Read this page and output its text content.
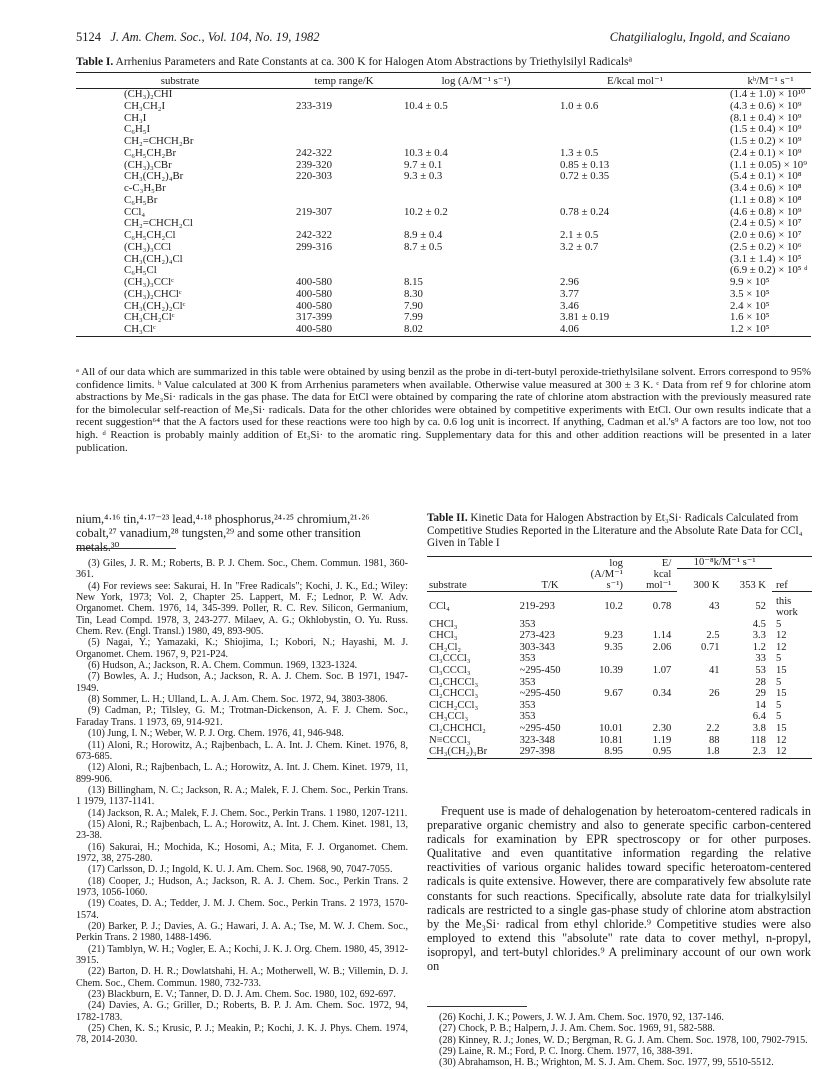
5124 J. Am. Chem. Soc., Vol. 104, No. 19, 1982	Chatgilialoglu, Ingold, and Scaiano
Table I. Arrhenius Parameters and Rate Constants at ca. 300 K for Halogen Atom Abstractions by Triethylsilyl Radicals$^a$
substrate	temp range/K	log (A/M⁻¹ s⁻¹)	E/kcal mol⁻¹	kᵇ/M⁻¹ s⁻¹
(CH₃)₂CHI				(1.4 ± 1.0) × 10¹⁰
CH₃CH₂I	233-319	10.4 ± 0.5	1.0 ± 0.6	(4.3 ± 0.6) × 10⁹
CH₃I				(8.1 ± 0.4) × 10⁹
C₆H₅I				(1.5 ± 0.4) × 10⁹
CH₂=CHCH₂Br				(1.5 ± 0.2) × 10⁹
C₆H₅CH₂Br	242-322	10.3 ± 0.4	1.3 ± 0.5	(2.4 ± 0.1) × 10⁹
(CH₃)₃CBr	239-320	9.7 ± 0.1	0.85 ± 0.13	(1.1 ± 0.05) × 10⁹
CH₃(CH₂)₄Br	220-303	9.3 ± 0.3	0.72 ± 0.35	(5.4 ± 0.1) × 10⁸
c-C₃H₅Br				(3.4 ± 0.6) × 10⁸
C₆H₅Br				(1.1 ± 0.8) × 10⁸
CCl₄	219-307	10.2 ± 0.2	0.78 ± 0.24	(4.6 ± 0.8) × 10⁹
CH₂=CHCH₂Cl				(2.4 ± 0.5) × 10⁷
C₆H₅CH₂Cl	242-322	8.9 ± 0.4	2.1 ± 0.5	(2.0 ± 0.6) × 10⁷
(CH₃)₃CCl	299-316	8.7 ± 0.5	3.2 ± 0.7	(2.5 ± 0.2) × 10⁶
CH₃(CH₂)₄Cl				(3.1 ± 1.4) × 10⁵
C₆H₅Cl				(6.9 ± 0.2) × 10⁵ ᵈ
(CH₃)₃CClᶜ	400-580	8.15	2.96	9.9 × 10⁵
(CH₃)₂CHClᶜ	400-580	8.30	3.77	3.5 × 10⁵
CH₃(CH₂)₂Clᶜ	400-580	7.90	3.46	2.4 × 10⁵
CH₃CH₂Clᶜ	317-399	7.99	3.81 ± 0.19	1.6 × 10⁵
CH₃Clᶜ	400-580	8.02	4.06	1.2 × 10⁵
ᵃ All of our data which are summarized in this table were obtained by using benzil as the probe in di-tert-butyl peroxide-triethylsilane solvent. Errors correspond to 95% confidence limits. ᵇ Value calculated at 300 K from Arrhenius parameters when available. Otherwise value measured at 300 ± 3 K. ᶜ Data from ref 9 for chlorine atom abstractions by Me₃Si· radicals in the gas phase. The data for EtCl were obtained by comparing the rate of chlorine atom abstraction with the previously measured rate for the bimolecular self-reaction of Me₃Si· radicals. Data for the other chlorides were obtained by competitive experiments with EtCl. Our own results indicate that a recent suggestion⁶⁴ that the A factors used for these reactions were too high by ca. 0.6 log unit is incorrect. If anything, Cadman et al.'s⁹ A factors are too low, not too high. ᵈ Reaction is probably mainly addition of Et₃Si· to the aromatic ring. Supplementary data for this and other addition reactions will be presented in a later publication.
nium,⁴·¹⁶ tin,⁴·¹⁷⁻²³ lead,⁴·¹⁸ phosphorus,²⁴·²⁵ chromium,²¹·²⁶ cobalt,²⁷ vanadium,²⁸ tungsten,²⁹ and some other transition metals.³⁰

(3) Giles, J. R. M.; Roberts, B. P. J. Chem. Soc., Chem. Commun. 1981, 360-361.

(4) For reviews see: Sakurai, H. In "Free Radicals"; Kochi, J. K., Ed.; Wiley: New York, 1973; Vol. 2, Chapter 25. Lappert, M. F.; Lednor, P. W. Adv. Organomet. Chem. 1976, 14, 345-399. Poller, R. C. Rev. Silicon, Germanium, Tin, Lead Compd. 1978, 3, 243-277. Milaev, A. G.; Okhlobystin, O. Yu. Russ. Chem. Rev. (Engl. Transl.) 1980, 49, 893-905.

(5) Nagai, Y.; Yamazaki, K.; Shiojima, I.; Kobori, N.; Hayashi, M. J. Organomet. Chem. 1967, 9, P21-P24.

(6) Hudson, A.; Jackson, R. A. Chem. Commun. 1969, 1323-1324.

(7) Bowles, A. J.; Hudson, A.; Jackson, R. A. J. Chem. Soc. B 1971, 1947-1949.

(8) Sommer, L. H.; Ulland, L. A. J. Am. Chem. Soc. 1972, 94, 3803-3806.

(9) Cadman, P.; Tilsley, G. M.; Trotman-Dickenson, A. F. J. Chem. Soc., Faraday Trans. 1 1973, 69, 914-921.

(10) Jung, I. N.; Weber, W. P. J. Org. Chem. 1976, 41, 946-948.

(11) Aloni, R.; Horowitz, A.; Rajbenbach, L. A. Int. J. Chem. Kinet. 1976, 8, 673-685.

(12) Aloni, R.; Rajbenbach, L. A.; Horowitz, A. Int. J. Chem. Kinet. 1979, 11, 899-906.

(13) Billingham, N. C.; Jackson, R. A.; Malek, F. J. Chem. Soc., Perkin Trans. 1 1979, 1137-1141.

(14) Jackson, R. A.; Malek, F. J. Chem. Soc., Perkin Trans. 1 1980, 1207-1211.

(15) Aloni, R.; Rajbenbach, L. A.; Horowitz, A. Int. J. Chem. Kinet. 1981, 13, 23-38.

(16) Sakurai, H.; Mochida, K.; Hosomi, A.; Mita, F. J. Organomet. Chem. 1972, 38, 275-280.

(17) Carlsson, D. J.; Ingold, K. U. J. Am. Chem. Soc. 1968, 90, 7047-7055.

(18) Cooper, J.; Hudson, A.; Jackson, R. A. J. Chem. Soc., Perkin Trans. 2 1973, 1056-1060.

(19) Coates, D. A.; Tedder, J. M. J. Chem. Soc., Perkin Trans. 2 1973, 1570-1574.

(20) Barker, P. J.; Davies, A. G.; Hawari, J. A. A.; Tse, M. W. J. Chem. Soc., Perkin Trans. 2 1980, 1488-1496.

(21) Tamblyn, W. H.; Vogler, E. A.; Kochi, J. K. J. Org. Chem. 1980, 45, 3912-3915.

(22) Barton, D. H. R.; Dowlatshahi, H. A.; Motherwell, W. B.; Villemin, D. J. Chem. Soc., Chem. Commun. 1980, 732-733.

(23) Blackburn, E. V.; Tanner, D. D. J. Am. Chem. Soc. 1980, 102, 692-697.

(24) Davies, A. G.; Griller, D.; Roberts, B. P. J. Am. Chem. Soc. 1972, 94, 1782-1783.

(25) Chen, K. S.; Krusic, P. J.; Meakin, P.; Kochi, J. K. J. Phys. Chem. 1974, 78, 2014-2030.

Table II. Kinetic Data for Halogen Abstraction by Et₃Si· Radicals Calculated from Competitive Studies Reported in the Literature and the Absolute Rate Data for CCl₄ Given in Table I
		log	E/	10⁻⁸k/M⁻¹ s⁻¹		
		(A/M⁻¹	kcal	300 K	353 K	
substrate	T/K	s⁻¹)	mol⁻¹			ref
CCl₄	219-293	10.2	0.78	43	52	this work
CHCl₃	353				4.5	5
CHCl₃	273-423	9.23	1.14	2.5	3.3	12
CH₂Cl₂	303-343	9.35	2.06	0.71	1.2	12
Cl₃CCCl₃	353				33	5
Cl₃CCCl₃	~295-450	10.39	1.07	41	53	15
Cl₂CHCCl₃	353				28	5
Cl₂CHCCl₃	~295-450	9.67	0.34	26	29	15
ClCH₂CCl₃	353				14	5
CH₃CCl₃	353				6.4	5
Cl₂CHCHCl₂	~295-450	10.01	2.30	2.2	3.8	15
N≡CCCl₃	323-348	10.81	1.19	88	118	12
CH₃(CH₂)₃Br	297-398	8.95	0.95	1.8	2.3	12
Frequent use is made of dehalogenation by heteroatom-centered radicals in preparative organic chemistry and also to generate specific carbon-centered radicals for examination by EPR spectroscopy or for other purposes. Qualitative and even quantitative information regarding the relative reactivities of various organic halides toward specific heteroatom-centered radicals is quite extensive. However, there are comparatively few absolute rate constants for such reactions. Specifically, absolute rate data for trialkylsilyl radicals are restricted to a single gas-phase study of chlorine atom abstraction by the Me₃Si· radical from ethyl chloride.⁹ Competitive studies were also employed to extend this "absolute" rate data to cover methyl, n-propyl, isopropyl, and tert-butyl chlorides.⁹ A preliminary account of our own work on

(26) Kochi, J. K.; Powers, J. W. J. Am. Chem. Soc. 1970, 92, 137-146.

(27) Chock, P. B.; Halpern, J. J. Am. Chem. Soc. 1969, 91, 582-588.

(28) Kinney, R. J.; Jones, W. D.; Bergman, R. G. J. Am. Chem. Soc. 1978, 100, 7902-7915.

(29) Laine, R. M.; Ford, P. C. Inorg. Chem. 1977, 16, 388-391.

(30) Abrahamson, H. B.; Wrighton, M. S. J. Am. Chem. Soc. 1977, 99, 5510-5512.
